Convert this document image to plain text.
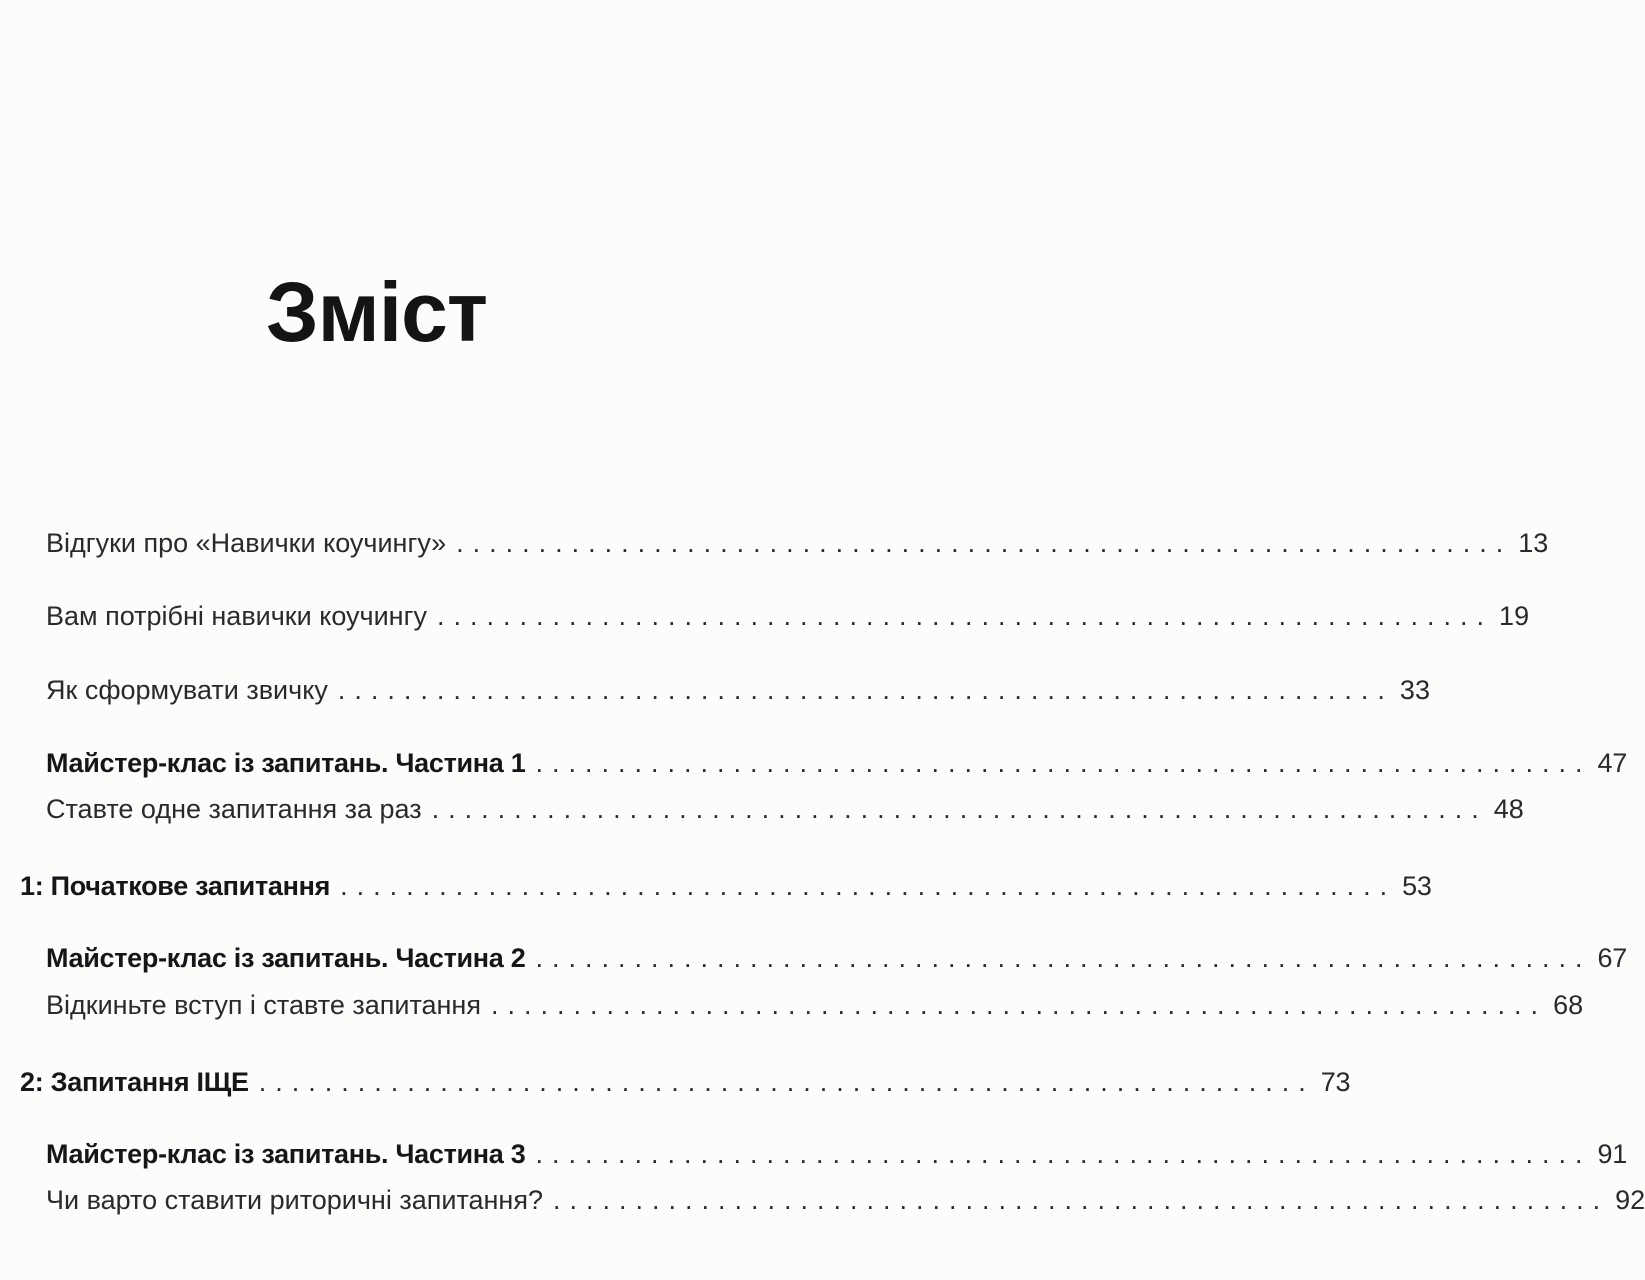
Зміст
Відгуки про «Навички коучингу» ................................................................ 13
Вам потрібні навички коучингу ................................................................ 19
Як сформувати звичку ................................................................ 33
Майстер-клас із запитань. Частина 1 ................................................................ 47
Ставте одне запитання за раз ................................................................ 48
1: Початкове запитання ................................................................ 53
Майстер-клас із запитань. Частина 2 ................................................................ 67
Відкиньте вступ і ставте запитання ................................................................ 68
2: Запитання ІЩЕ ................................................................ 73
Майстер-клас із запитань. Частина 3 ................................................................ 91
Чи варто ставити риторичні запитання? ................................................................ 92
